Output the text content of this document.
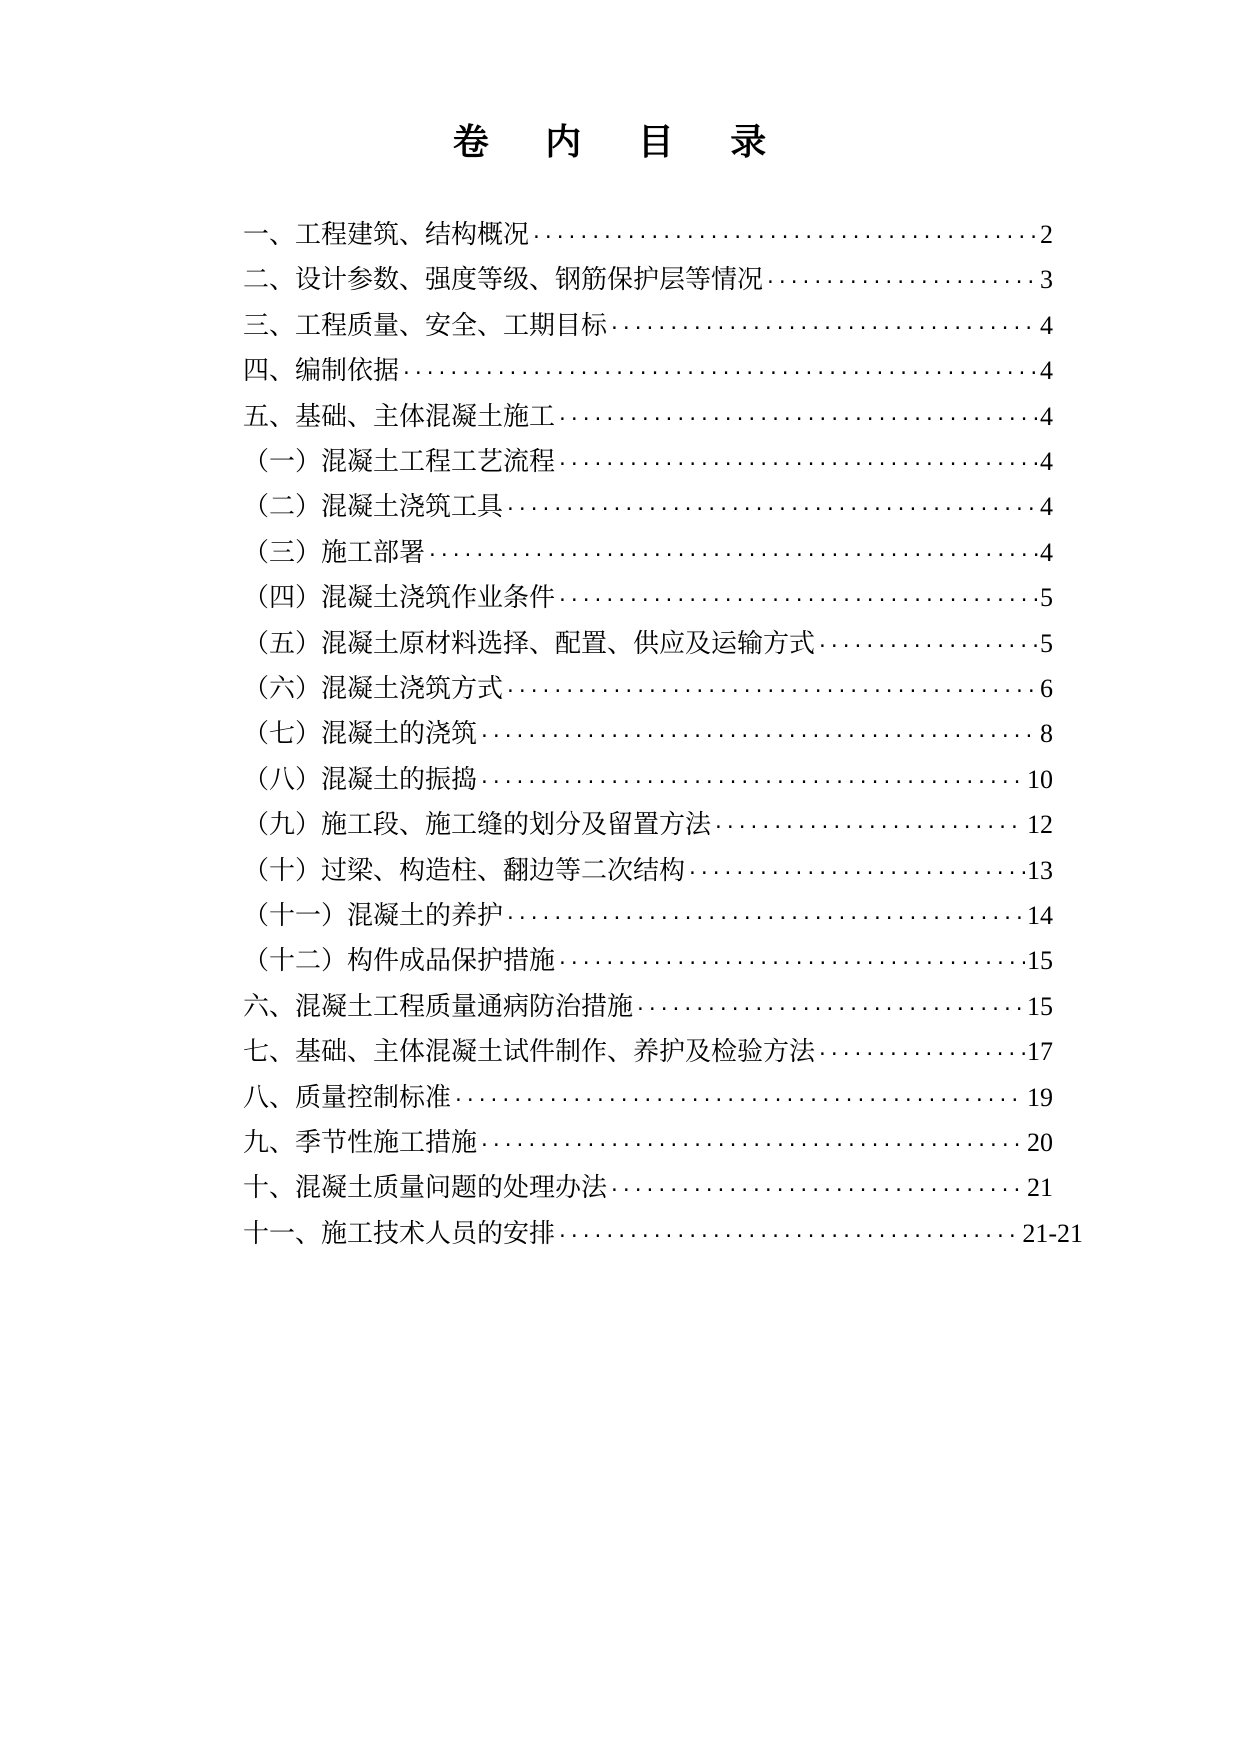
卷 内 目 录
一、工程建筑、结构概况 ·····	2
二、设计参数、强度等级、钢筋保护层等情况 ·····	3
三、工程质量、安全、工期目标 ·····	4
四、编制依据 ·····	4
五、基础、主体混凝土施工 ·····	4
（一）混凝土工程工艺流程 ·····	4
（二）混凝土浇筑工具 ·····	4
（三）施工部署 ·····	4
（四）混凝土浇筑作业条件 ·····	5
（五）混凝土原材料选择、配置、供应及运输方式 ·····	5
（六）混凝土浇筑方式 ·····	6
（七）混凝土的浇筑 ·····	8
（八）混凝土的振捣 ·····	10
（九）施工段、施工缝的划分及留置方法 ·····	12
（十）过梁、构造柱、翻边等二次结构 ·····	13
（十一）混凝土的养护 ·····	14
（十二）构件成品保护措施 ·····	15
六、混凝土工程质量通病防治措施 ·····	15
七、基础、主体混凝土试件制作、养护及检验方法 ·····	17
八、质量控制标准 ·····	19
九、季节性施工措施 ·····	20
十、混凝土质量问题的处理办法 ·····	21
十一、施工技术人员的安排 ·····	21-21
